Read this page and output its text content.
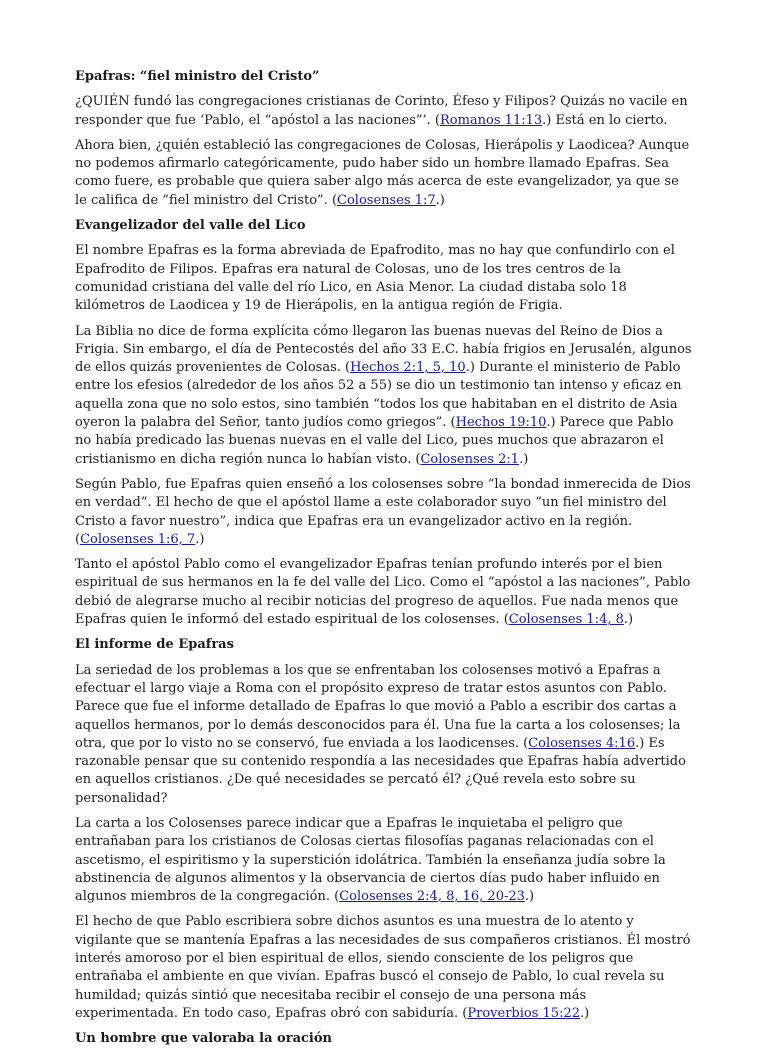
Epafras: “fiel ministro del Cristo”
¿QUIÉN fundó las congregaciones cristianas de Corinto, Éfeso y Filipos? Quizás no vacile en responder que fue ‘Pablo, el “apóstol a las naciones”’. (Romanos 11:13.) Está en lo cierto.
Ahora bien, ¿quién estableció las congregaciones de Colosas, Hierápolis y Laodicea? Aunque no podemos afirmarlo categóricamente, pudo haber sido un hombre llamado Epafras. Sea como fuere, es probable que quiera saber algo más acerca de este evangelizador, ya que se le califica de “fiel ministro del Cristo”. (Colosenses 1:7.)
Evangelizador del valle del Lico
El nombre Epafras es la forma abreviada de Epafrodito, mas no hay que confundirlo con el Epafrodito de Filipos. Epafras era natural de Colosas, uno de los tres centros de la comunidad cristiana del valle del río Lico, en Asia Menor. La ciudad distaba solo 18 kilómetros de Laodicea y 19 de Hierápolis, en la antigua región de Frigia.
La Biblia no dice de forma explícita cómo llegaron las buenas nuevas del Reino de Dios a Frigia. Sin embargo, el día de Pentecostés del año 33 E.C. había frigios en Jerusalén, algunos de ellos quizás provenientes de Colosas. (Hechos 2:1, 5, 10.) Durante el ministerio de Pablo entre los efesios (alrededor de los años 52 a 55) se dio un testimonio tan intenso y eficaz en aquella zona que no solo estos, sino también “todos los que habitaban en el distrito de Asia oyeron la palabra del Señor, tanto judíos como griegos”. (Hechos 19:10.) Parece que Pablo no había predicado las buenas nuevas en el valle del Lico, pues muchos que abrazaron el cristianismo en dicha región nunca lo habían visto. (Colosenses 2:1.)
Según Pablo, fue Epafras quien enseñó a los colosenses sobre “la bondad inmerecida de Dios en verdad”. El hecho de que el apóstol llame a este colaborador suyo “un fiel ministro del Cristo a favor nuestro”, indica que Epafras era un evangelizador activo en la región. (Colosenses 1:6, 7.)
Tanto el apóstol Pablo como el evangelizador Epafras tenían profundo interés por el bien espiritual de sus hermanos en la fe del valle del Lico. Como el “apóstol a las naciones”, Pablo debió de alegrarse mucho al recibir noticias del progreso de aquellos. Fue nada menos que Epafras quien le informó del estado espiritual de los colosenses. (Colosenses 1:4, 8.)
El informe de Epafras
La seriedad de los problemas a los que se enfrentaban los colosenses motivó a Epafras a efectuar el largo viaje a Roma con el propósito expreso de tratar estos asuntos con Pablo. Parece que fue el informe detallado de Epafras lo que movió a Pablo a escribir dos cartas a aquellos hermanos, por lo demás desconocidos para él. Una fue la carta a los colosenses; la otra, que por lo visto no se conservó, fue enviada a los laodicenses. (Colosenses 4:16.) Es razonable pensar que su contenido respondía a las necesidades que Epafras había advertido en aquellos cristianos. ¿De qué necesidades se percató él? ¿Qué revela esto sobre su personalidad?
La carta a los Colosenses parece indicar que a Epafras le inquietaba el peligro que entrañaban para los cristianos de Colosas ciertas filosofías paganas relacionadas con el ascetismo, el espiritismo y la superstición idolátrica. También la enseñanza judía sobre la abstinencia de algunos alimentos y la observancia de ciertos días pudo haber influido en algunos miembros de la congregación. (Colosenses 2:4, 8, 16, 20-23.)
El hecho de que Pablo escribiera sobre dichos asuntos es una muestra de lo atento y vigilante que se mantenía Epafras a las necesidades de sus compañeros cristianos. Él mostró interés amoroso por el bien espiritual de ellos, siendo consciente de los peligros que entrañaba el ambiente en que vivían. Epafras buscó el consejo de Pablo, lo cual revela su humildad; quizás sintió que necesitaba recibir el consejo de una persona más experimentada. En todo caso, Epafras obró con sabiduría. (Proverbios 15:22.)
Un hombre que valoraba la oración
